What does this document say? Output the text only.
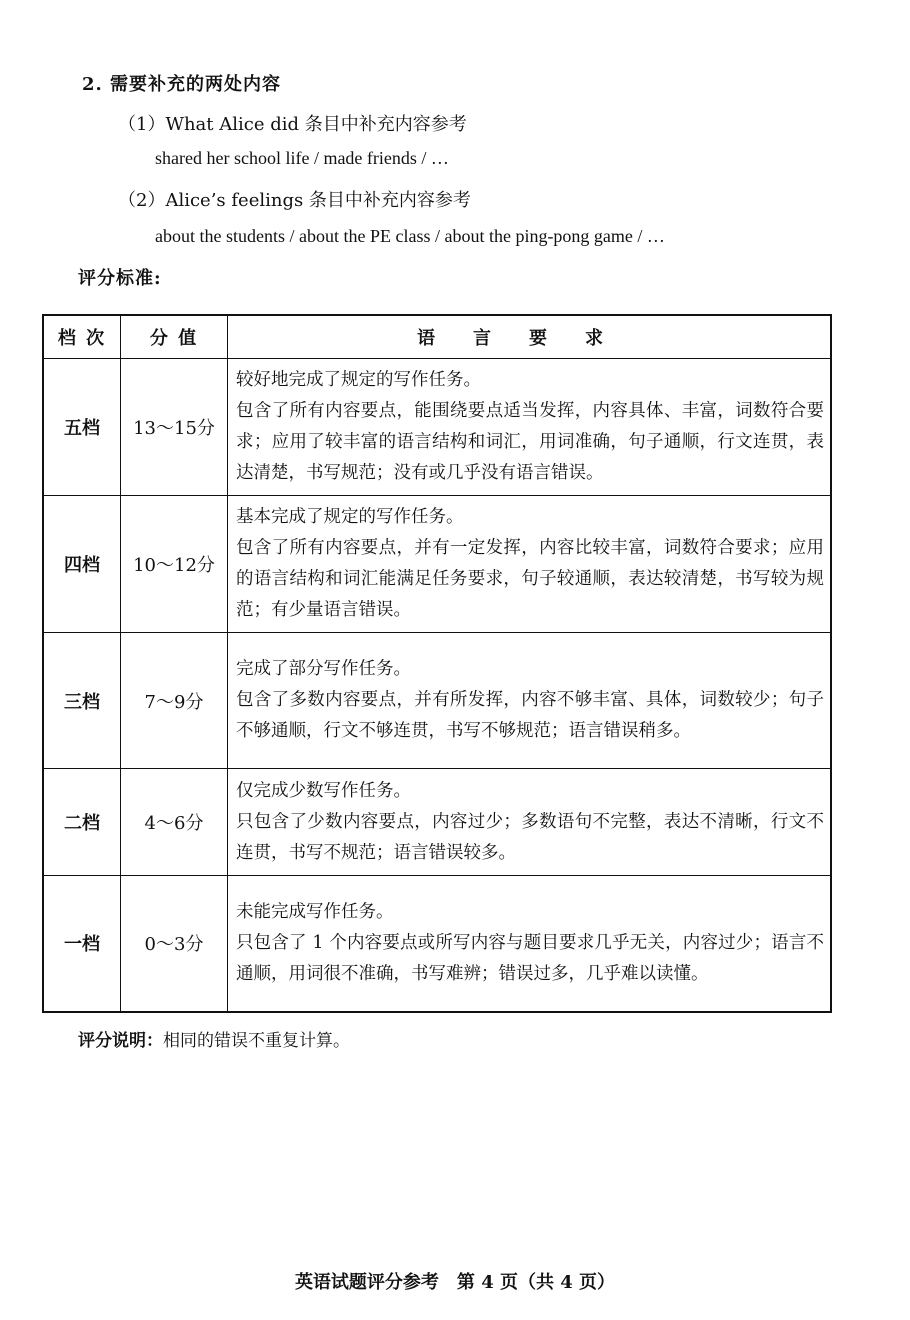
2. 需要补充的两处内容
（1）What Alice did 条目中补充内容参考
shared her school life / made friends / …
（2）Alice’s feelings 条目中补充内容参考
about the students / about the PE class / about the ping-pong game / …
评分标准:
档 次	分 值	语言要求
五档	13～15分	较好地完成了规定的写作任务。
包含了所有内容要点，能围绕要点适当发挥，内容具体、丰富，词数符合要求；应用了较丰富的语言结构和词汇，用词准确，句子通顺，行文连贯，表达清楚，书写规范；没有或几乎没有语言错误。

四档	10～12分	基本完成了规定的写作任务。
包含了所有内容要点，并有一定发挥，内容比较丰富，词数符合要求；应用的语言结构和词汇能满足任务要求，句子较通顺，表达较清楚，书写较为规范；有少量语言错误。

三档	7～9分	完成了部分写作任务。
包含了多数内容要点，并有所发挥，内容不够丰富、具体，词数较少；句子不够通顺，行文不够连贯，书写不够规范；语言错误稍多。

二档	4～6分	仅完成少数写作任务。
只包含了少数内容要点，内容过少；多数语句不完整，表达不清晰，行文不连贯，书写不规范；语言错误较多。

一档	0～3分	未能完成写作任务。
只包含了 1 个内容要点或所写内容与题目要求几乎无关，内容过少；语言不通顺，用词很不准确，书写难辨；错误过多，几乎难以读懂。
评分说明：相同的错误不重复计算。
英语试题评分参考　第 4 页（共 4 页）
